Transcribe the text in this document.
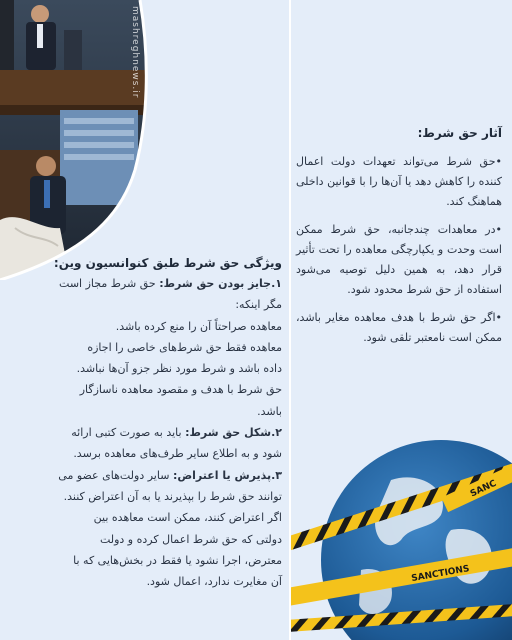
mashreghnews.ir
آثار حق شرط:

•حق شرط می‌تواند تعهدات دولت اعمال کننده را کاهش دهد یا آن‌ها را با قوانین داخلی هماهنگ کند.

•در معاهدات چندجانبه، حق شرط ممکن است وحدت و یکپارچگی معاهده را تحت تأثیر قرار دهد، به همین دلیل توصیه می‌شود استفاده از حق شرط محدود شود.

•اگر حق شرط با هدف معاهده مغایر باشد، ممکن است نامعتبر تلقی شود.

ویژگی حق شرط طبق کنوانسیون وین:
۱.جایز بودن حق شرط: حق شرط مجاز است
مگر اینکه:
معاهده صراحتاً آن را منع کرده باشد.
معاهده فقط حق شرط‌های خاصی را اجازه
داده باشد و شرط مورد نظر جزو آن‌ها نباشد.
حق شرط با هدف و مقصود معاهده ناسازگار
باشد.
۲.شکل حق شرط: باید به صورت کتبی ارائه
شود و به اطلاع سایر طرف‌های معاهده برسد.
۳.پذیرش یا اعتراض: سایر دولت‌های عضو می
توانند حق شرط را بپذیرند یا به آن اعتراض کنند.
اگر اعتراض کنند، ممکن است معاهده بین
دولتی که حق شرط اعمال کرده و دولت
معترض، اجرا نشود یا فقط در بخش‌هایی که با
آن مغایرت ندارد، اعمال شود.	SANCTIONS
SANC
